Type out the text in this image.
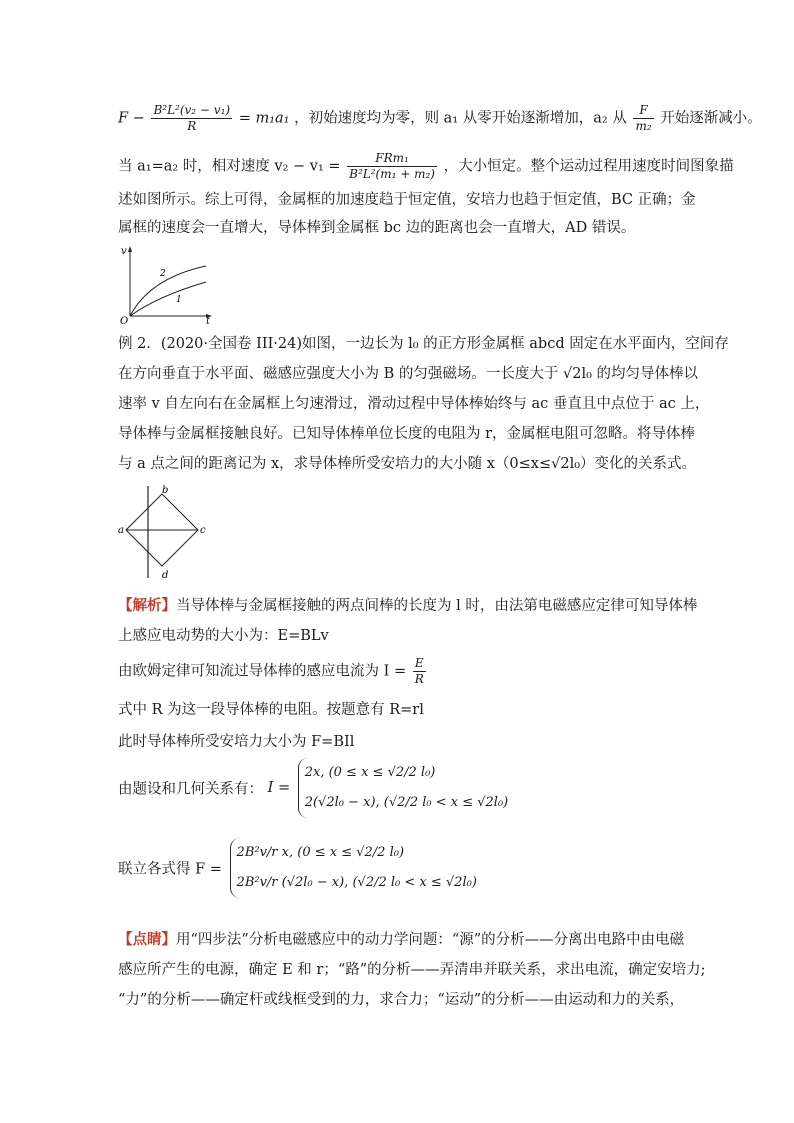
$F - \frac{\text{B²L²(v₂ − v₁)}}{R} = m_1a_1$ ，初始速度均为零，则 a₁ 从零开始逐渐增加，a₂ 从 $\frac{F}{\text{m₂}}$ 开始逐渐减小。
当 a₁=a₂ 时，相对速度 $v_2 - v_1 = \frac{\text{FRm₁}}{\text{B²L²(m₁ + m₂)}}$ ，大小恒定。整个运动过程用速度时间图象描
述如图所示。综上可得，金属框的加速度趋于恒定值，安培力也趋于恒定值，BC 正确；金
属框的速度会一直增大，导体棒到金属框 bc 边的距离也会一直增大，AD 错误。
v
t
O
2
1
例 2．(2020·全国卷 III·24)如图，一边长为 l₀ 的正方形金属框 abcd 固定在水平面内，空间存
在方向垂直于水平面、磁感应强度大小为 B 的匀强磁场。一长度大于 √2l₀ 的均匀导体棒以
速率 v 自左向右在金属框上匀速滑过，滑动过程中导体棒始终与 ac 垂直且中点位于 ac 上，
导体棒与金属框接触良好。已知导体棒单位长度的电阻为 r，金属框电阻可忽略。将导体棒
与 a 点之间的距离记为 x，求导体棒所受安培力的大小随 x（0≤x≤√2l₀）变化的关系式。
a
b
c
d
【解析】当导体棒与金属框接触的两点间棒的长度为 l 时，由法第电磁感应定律可知导体棒
上感应电动势的大小为：E=BLv
由欧姆定律可知流过导体棒的感应电流为 $I = \frac{E}{R}$
式中 R 为这一段导体棒的电阻。按题意有 R=rl
此时导体棒所受安培力大小为 F=BIl
由题设和几何关系有： I =
2x, (0 ≤ x ≤ √2/2 l₀)
2(√2l₀ − x), (√2/2 l₀ < x ≤ √2l₀)
联立各式得 F =
2B²v/r x, (0 ≤ x ≤ √2/2 l₀)
2B²v/r (√2l₀ − x), (√2/2 l₀ < x ≤ √2l₀)
【点睛】用“四步法”分析电磁感应中的动力学问题：“源”的分析——分离出电路中由电磁
感应所产生的电源，确定 E 和 r；“路”的分析——弄清串并联关系，求出电流，确定安培力;
“力”的分析——确定杆或线框受到的力，求合力；“运动”的分析——由运动和力的关系，
